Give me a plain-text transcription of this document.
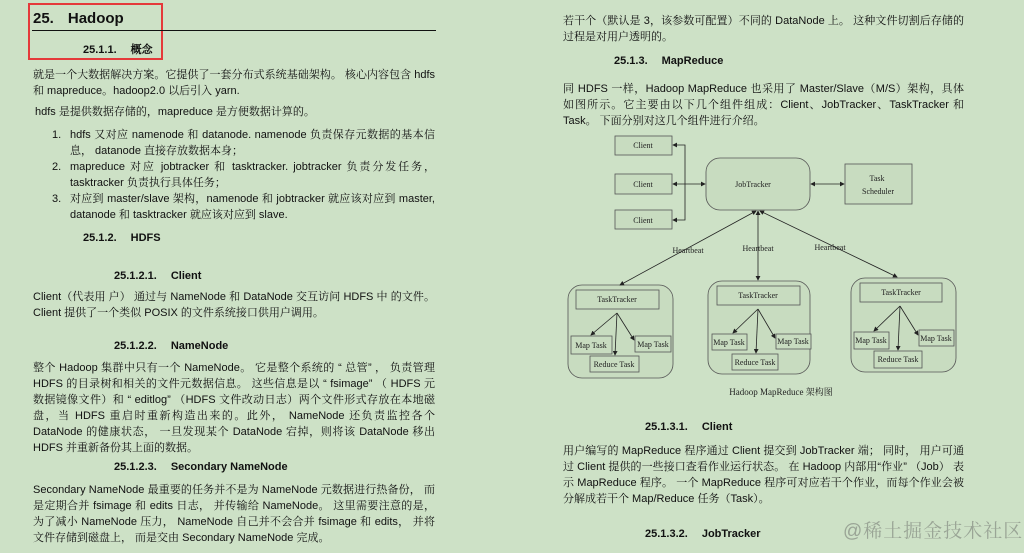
25. Hadoop
25.1.1. 概念
就是一个大数据解决方案。它提供了一套分布式系统基础架构。 核心内容包含 hdfs 和 mapreduce。hadoop2.0 以后引入 yarn.
hdfs 是提供数据存储的，mapreduce 是方便数据计算的。
1. hdfs 又对应 namenode 和 datanode. namenode 负责保存元数据的基本信息， datanode 直接存放数据本身；
2. mapreduce 对应 jobtracker 和 tasktracker. jobtracker 负责分发任务，tasktracker 负责执行具体任务；
3. 对应到 master/slave 架构，namenode 和 jobtracker 就应该对应到 master, datanode 和 tasktracker 就应该对应到 slave.
25.1.2. HDFS
25.1.2.1. Client
Client（代表用 户） 通过与 NameNode 和 DataNode 交互访问 HDFS 中 的文件。 Client 提供了一个类似 POSIX 的文件系统接口供用户调用。
25.1.2.2. NameNode
整个 Hadoop 集群中只有一个 NameNode。 它是整个系统的 “ 总管” ， 负责管理 HDFS 的目录树和相关的文件元数据信息。 这些信息是以 “ fsimage” （ HDFS 元数据镜像文件）和 “ editlog” （HDFS 文件改动日志）两个文件形式存放在本地磁盘，当 HDFS 重启时重新构造出来的。此外， NameNode 还负责监控各个 DataNode 的健康状态， 一旦发现某个 DataNode 宕掉，则将该 DataNode 移出 HDFS 并重新备份其上面的数据。
25.1.2.3. Secondary NameNode
Secondary NameNode 最重要的任务并不是为 NameNode 元数据进行热备份， 而是定期合并 fsimage 和 edits 日志， 并传输给 NameNode。 这里需要注意的是，为了减小 NameNode 压力， NameNode 自己并不会合并 fsimage 和 edits， 并将文件存储到磁盘上， 而是交由 Secondary NameNode 完成。
若干个（默认是 3，该参数可配置）不同的 DataNode 上。 这种文件切割后存储的过程是对用户透明的。
25.1.3. MapReduce
同 HDFS 一样，Hadoop MapReduce 也采用了 Master/Slave（M/S）架构，具体如图所示。它主要由以下几个组件组成：Client、JobTracker、TaskTracker 和 Task。 下面分别对这几个组件进行介绍。
Client
Client
Client
JobTracker
Task
Scheduler
Heartbeat	Heartbeat	Heartbeat
TaskTracker	TaskTracker	TaskTracker
Map Task	Map Task
Reduce Task
Map Task	Map Task
Reduce Task
Map Task	Map Task
Reduce Task
Hadoop MapReduce 架构图
25.1.3.1. Client
用户编写的 MapReduce 程序通过 Client 提交到 JobTracker 端； 同时， 用户可通过 Client 提供的一些接口查看作业运行状态。 在 Hadoop 内部用“作业” （Job） 表示 MapReduce 程序。 一个 MapReduce 程序可对应若干个作业，而每个作业会被分解成若干个 Map/Reduce 任务（Task）。
25.1.3.2. JobTracker	@稀土掘金技术社区
